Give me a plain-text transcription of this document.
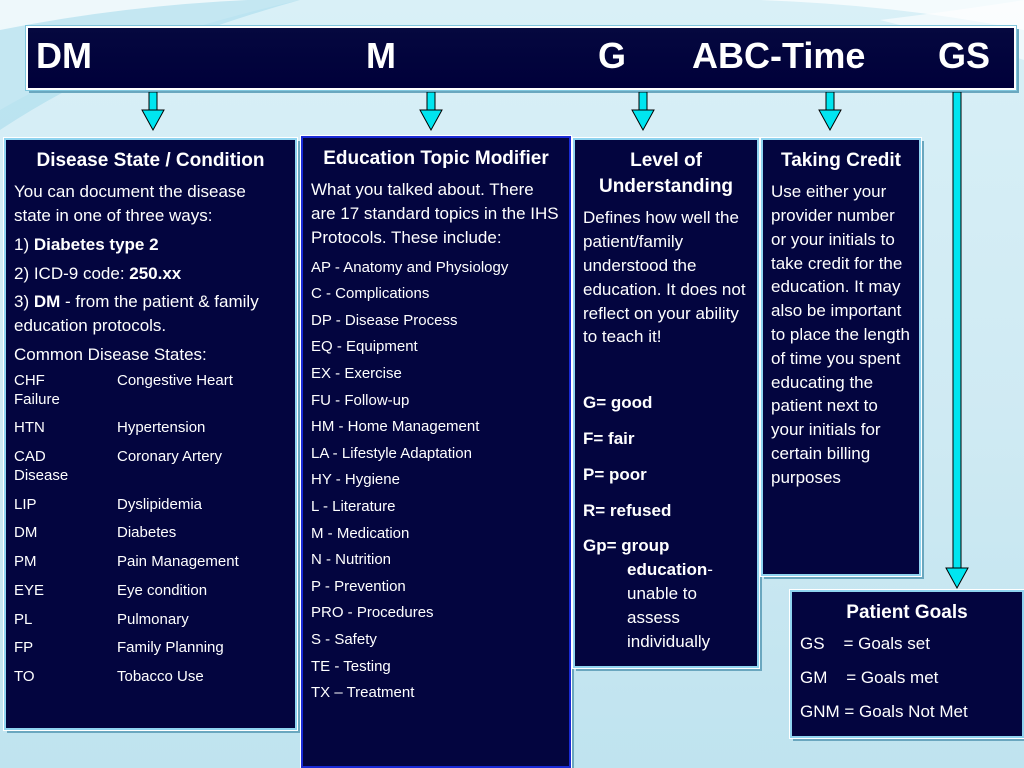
DM	M	G ABC-Time GS
Disease State / Condition

You can document the disease state in one of three ways:

1) Diabetes type 2

2) ICD-9 code: 250.xx

3) DM - from the patient & family education protocols.

Common Disease States:

CHF	Congestive Heart
Failure
HTN	Hypertension
CAD	Coronary Artery
Disease
LIP	Dyslipidemia
DM	Diabetes
PM	Pain Management
EYE	Eye condition
PL	Pulmonary
FP	Family Planning
TO	Tobacco Use
Education Topic Modifier

What you talked about. There are 17 standard topics in the IHS Protocols. These include:

AP - Anatomy and Physiology
C - Complications
DP - Disease Process
EQ - Equipment
EX - Exercise
FU - Follow-up
HM - Home Management
LA - Lifestyle Adaptation
HY - Hygiene
L - Literature
M - Medication
N - Nutrition
P - Prevention
PRO - Procedures
S - Safety
TE - Testing
TX – Treatment
Level of Understanding

Defines how well the patient/family understood the education. It does not reflect on your ability to teach it!

G= good

F= fair

P= poor

R= refused

Gp= group

education- unable to assess individually

Taking Credit

Use either your provider number or your initials to take credit for the education. It may also be important to place the length of time you spent educating the patient next to your initials for certain billing purposes

Patient Goals

GS    = Goals set

GM    = Goals met

GNM = Goals Not Met
